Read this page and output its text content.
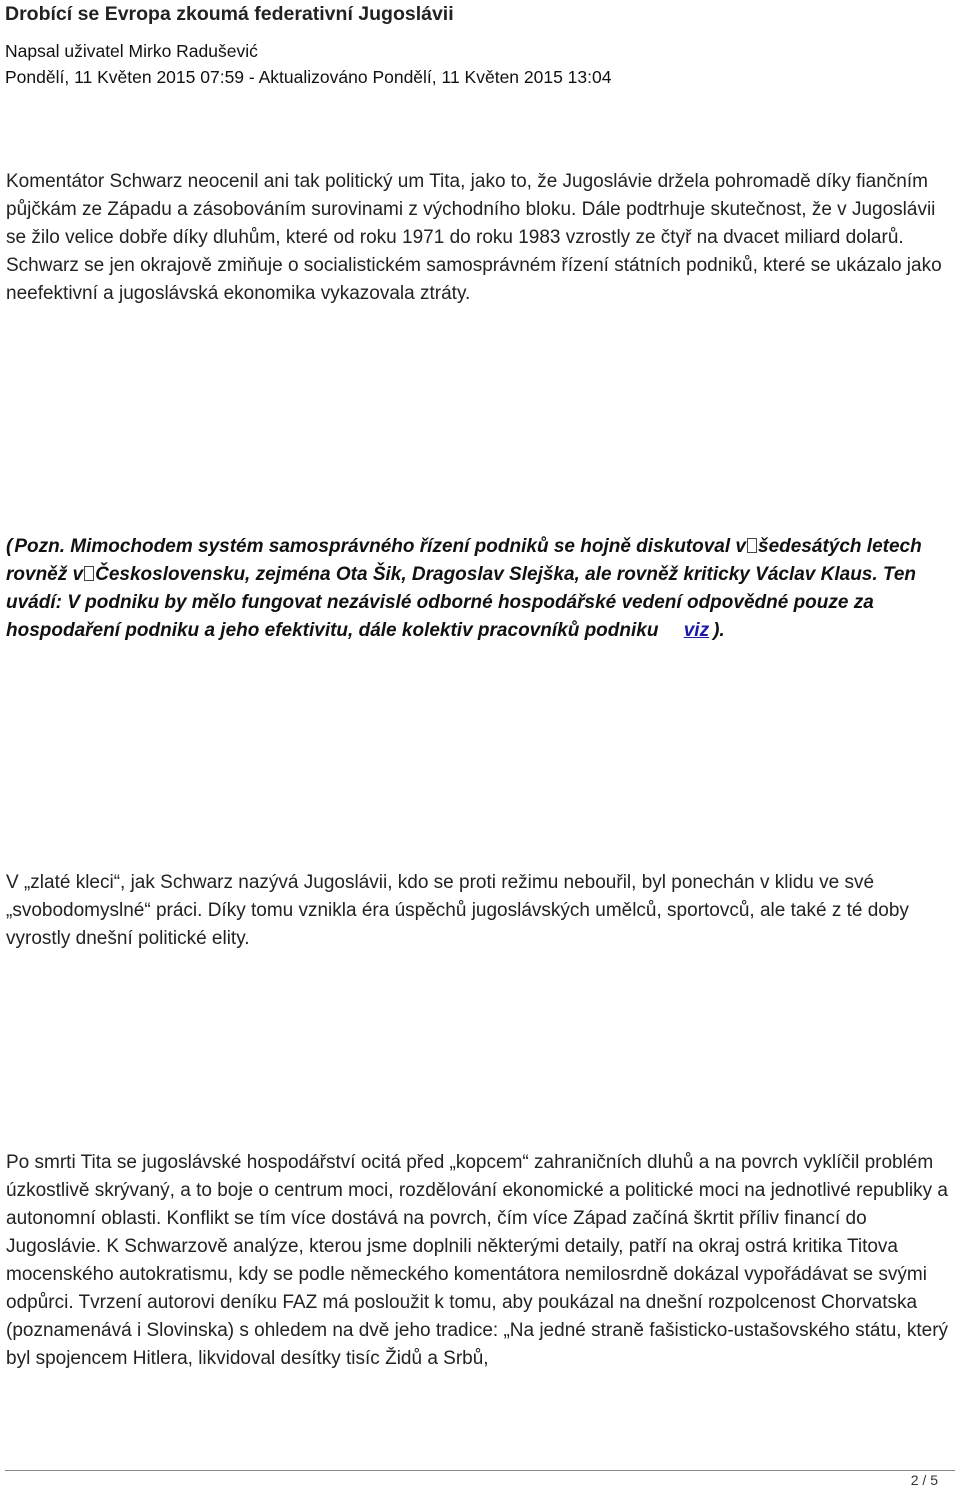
Drobící se Evropa zkoumá federativní Jugoslávii
Napsal uživatel Mirko Radušević
Pondělí, 11 Květen 2015 07:59 - Aktualizováno Pondělí, 11 Květen 2015 13:04

Komentátor Schwarz neocenil ani tak politický um Tita, jako to, že Jugoslávie držela pohromadě díky fiančním půjčkám ze Západu a zásobováním surovinami z východního bloku. Dále podtrhuje skutečnost, že v Jugoslávii se žilo velice dobře díky dluhům, které od roku 1971 do roku 1983 vzrostly ze čtyř na dvacet miliard dolarů. Schwarz se jen okrajově zmiňuje o socialistickém samosprávném řízení státních podniků, které se ukázalo jako neefektivní a jugoslávská ekonomika vykazovala ztráty.

( Pozn. Mimochodem systém samosprávného řízení podniků se hojně diskutoval v šedesátých letech rovněž v Československu, zejména Ota Šik, Dragoslav Slejška, ale rovněž kriticky Václav Klaus. Ten uvádí: V podniku by mělo fungovat nezávislé odborné hospodářské vedení odpovědné pouze za hospodaření podniku a jeho efektivitu, dále kolektiv pracovníků podniku viz ).

V „zlaté kleci“, jak Schwarz nazývá Jugoslávii, kdo se proti režimu nebouřil, byl ponechán v klidu ve své „svobodomyslné“ práci. Díky tomu vznikla éra úspěchů jugoslávských umělců, sportovců, ale také z té doby vyrostly dnešní politické elity.

Po smrti Tita se jugoslávské hospodářství ocitá před „kopcem“ zahraničních dluhů a na povrch vyklíčil problém úzkostlivě skrývaný, a to boje o centrum moci, rozdělování ekonomické a politické moci na jednotlivé republiky a autonomní oblasti. Konflikt se tím více dostává na povrch, čím více Západ začíná škrtit příliv financí do Jugoslávie. K Schwarzově analýze, kterou jsme doplnili některými detaily, patří na okraj ostrá kritika Titova mocenského autokratismu, kdy se podle německého komentátora nemilosrdně dokázal vypořádávat se svými odpůrci. Tvrzení autorovi deníku FAZ má posloužit k tomu, aby poukázal na dnešní rozpolcenost Chorvatska (poznamenává i Slovinska) s ohledem na dvě jeho tradice: „Na jedné straně fašisticko-ustašovského státu, který byl spojencem Hitlera, likvidoval desítky tisíc Židů a Srbů,

2 / 5
